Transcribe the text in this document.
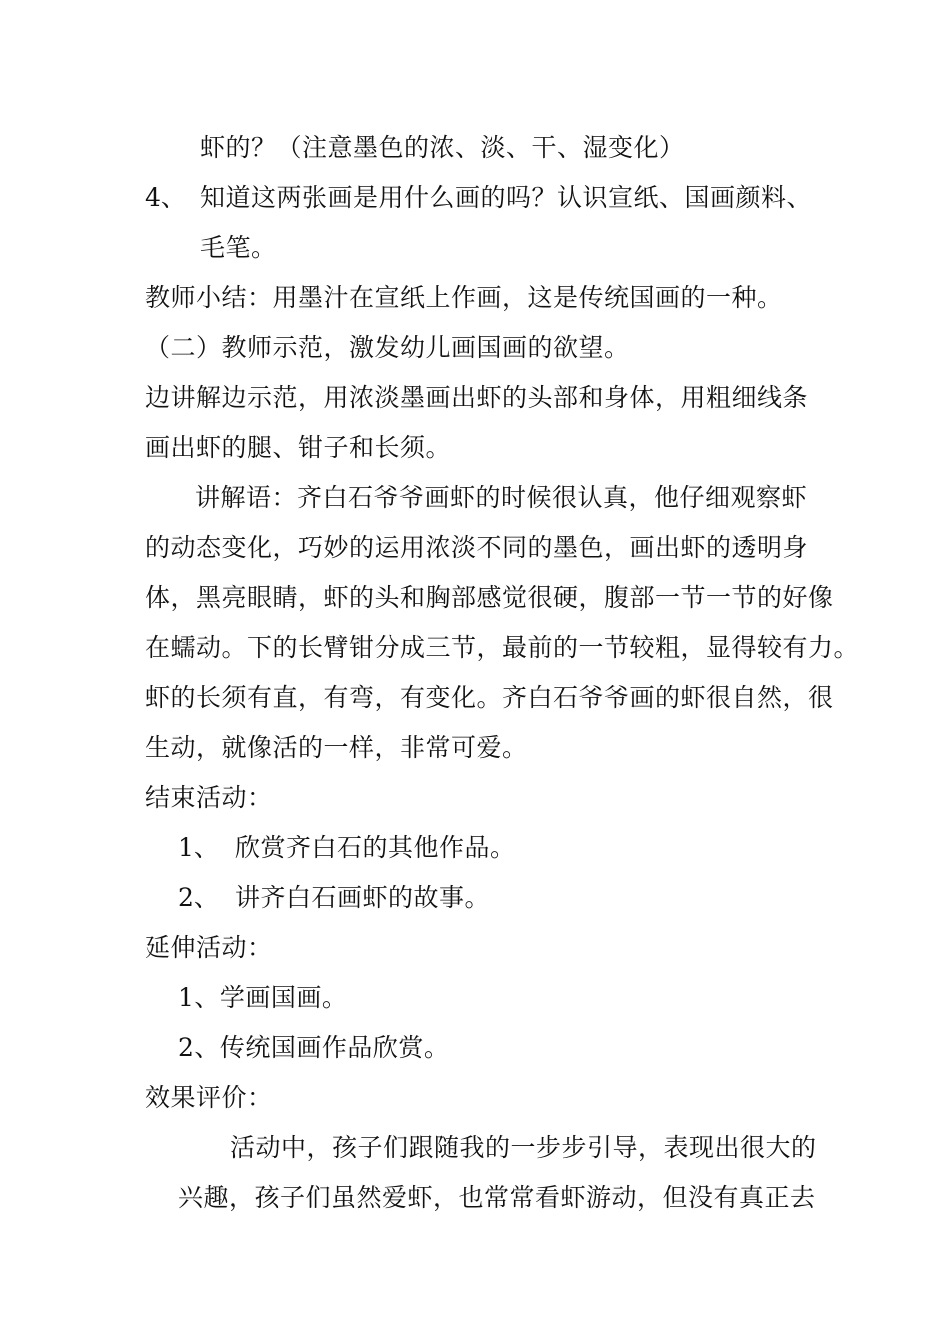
虾的？（注意墨色的浓、淡、干、湿变化）
4、 知道这两张画是用什么画的吗？认识宣纸、国画颜料、
毛笔。
教师小结：用墨汁在宣纸上作画，这是传统国画的一种。
（二）教师示范，激发幼儿画国画的欲望。
边讲解边示范，用浓淡墨画出虾的头部和身体，用粗细线条
画出虾的腿、钳子和长须。
讲解语：齐白石爷爷画虾的时候很认真，他仔细观察虾
的动态变化，巧妙的运用浓淡不同的墨色，画出虾的透明身
体，黑亮眼睛，虾的头和胸部感觉很硬，腹部一节一节的好像
在蠕动。下的长臂钳分成三节，最前的一节较粗，显得较有力。
虾的长须有直，有弯，有变化。齐白石爷爷画的虾很自然，很
生动，就像活的一样，非常可爱。
结束活动：
1、 欣赏齐白石的其他作品。
2、 讲齐白石画虾的故事。
延伸活动：
1、学画国画。
2、传统国画作品欣赏。
效果评价：
活动中，孩子们跟随我的一步步引导，表现出很大的
兴趣，孩子们虽然爱虾，也常常看虾游动，但没有真正去
